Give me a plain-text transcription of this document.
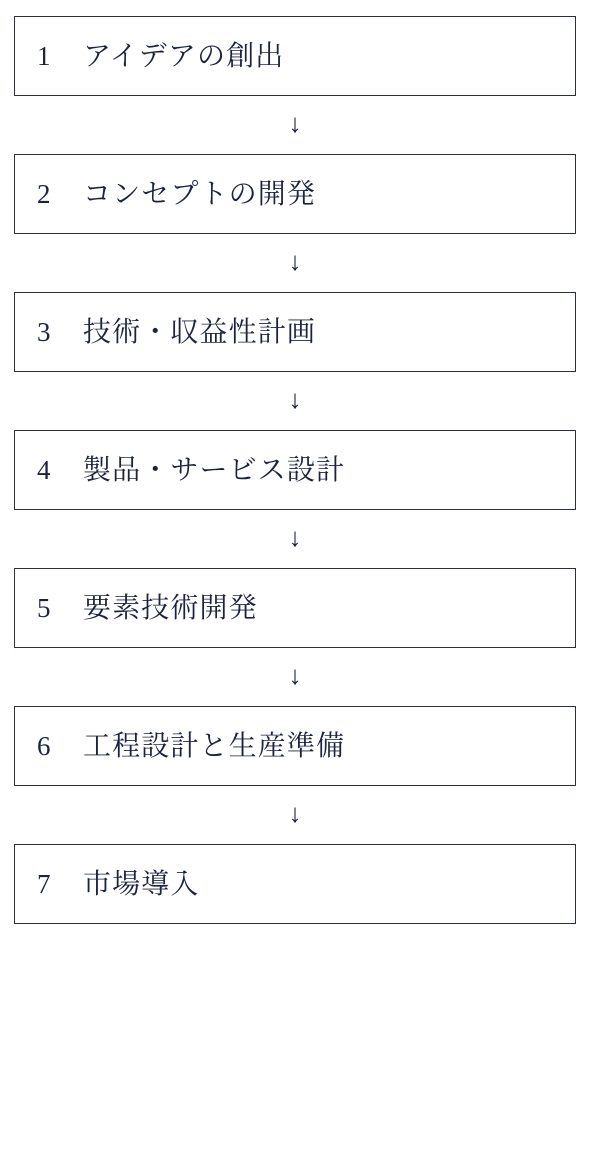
1	アイデアの創出
↓
2	コンセプトの開発
↓
3	技術・収益性計画
↓
4	製品・サービス設計
↓
5	要素技術開発
↓
6	工程設計と生産準備
↓
7	市場導入
